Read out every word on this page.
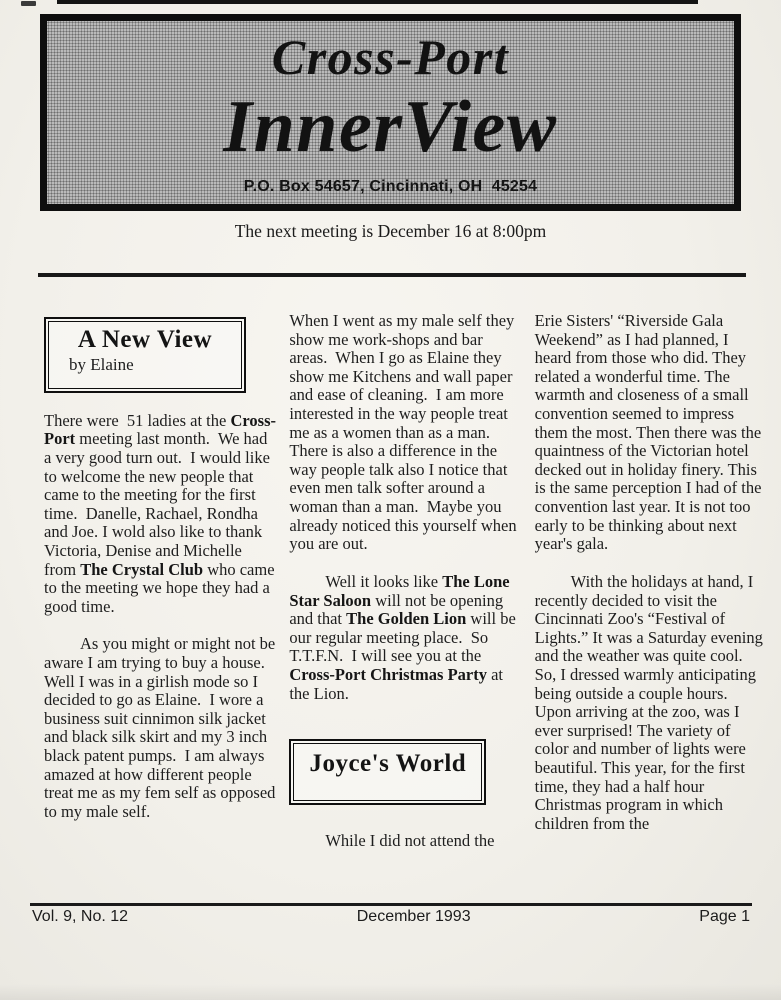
Cross-Port
InnerView
P.O. Box 54657, Cincinnati, OH  45254
The next meeting is December 16 at 8:00pm
A New View
by Elaine

There were  51 ladies at the Cross-Port meeting last month.  We had a very good turn out.  I would like to welcome the new people that came to the meeting for the first time.  Danelle, Rachael, Rondha and Joe. I wold also like to thank Victoria, Denise and Michelle from The Crystal Club who came to the meeting we hope they had a good time.

As you might or might not be aware I am trying to buy a house.  Well I was in a girlish mode so I decided to go as Elaine.  I wore a business suit cinnimon silk jacket and black silk skirt and my 3 inch black patent pumps.  I am always amazed at how different people treat me as my fem self as opposed to my male self.

When I went as my male self they show me work-shops and bar areas.  When I go as Elaine they show me Kitchens and wall paper and ease of cleaning.  I am more interested in the way people treat me as a women than as a man.  There is also a difference in the way people talk also I notice that even men talk softer around a woman than a man.  Maybe you already noticed this yourself when you are out.

Well it looks like The Lone Star Saloon will not be opening and that The Golden Lion will be our regular meeting place.  So T.T.F.N.  I will see you at the Cross-Port Christmas Party at the Lion.

Joyce's World

While I did not attend the

Erie Sisters' “Riverside Gala Weekend” as I had planned, I heard from those who did. They related a wonderful time. The warmth and closeness of a small convention seemed to impress them the most. Then there was the quaintness of the Victorian hotel decked out in holiday finery. This is the same perception I had of the convention last year. It is not too early to be thinking about next year's gala.

With the holidays at hand, I recently decided to visit the Cincinnati Zoo's “Festival of Lights.” It was a Saturday evening and the weather was quite cool. So, I dressed warmly anticipating being outside a couple hours. Upon arriving at the zoo, was I ever surprised! The variety of color and number of lights were beautiful. This year, for the first time, they had a half hour Christmas program in which children from the

Vol. 9, No. 12	December 1993	Page 1
